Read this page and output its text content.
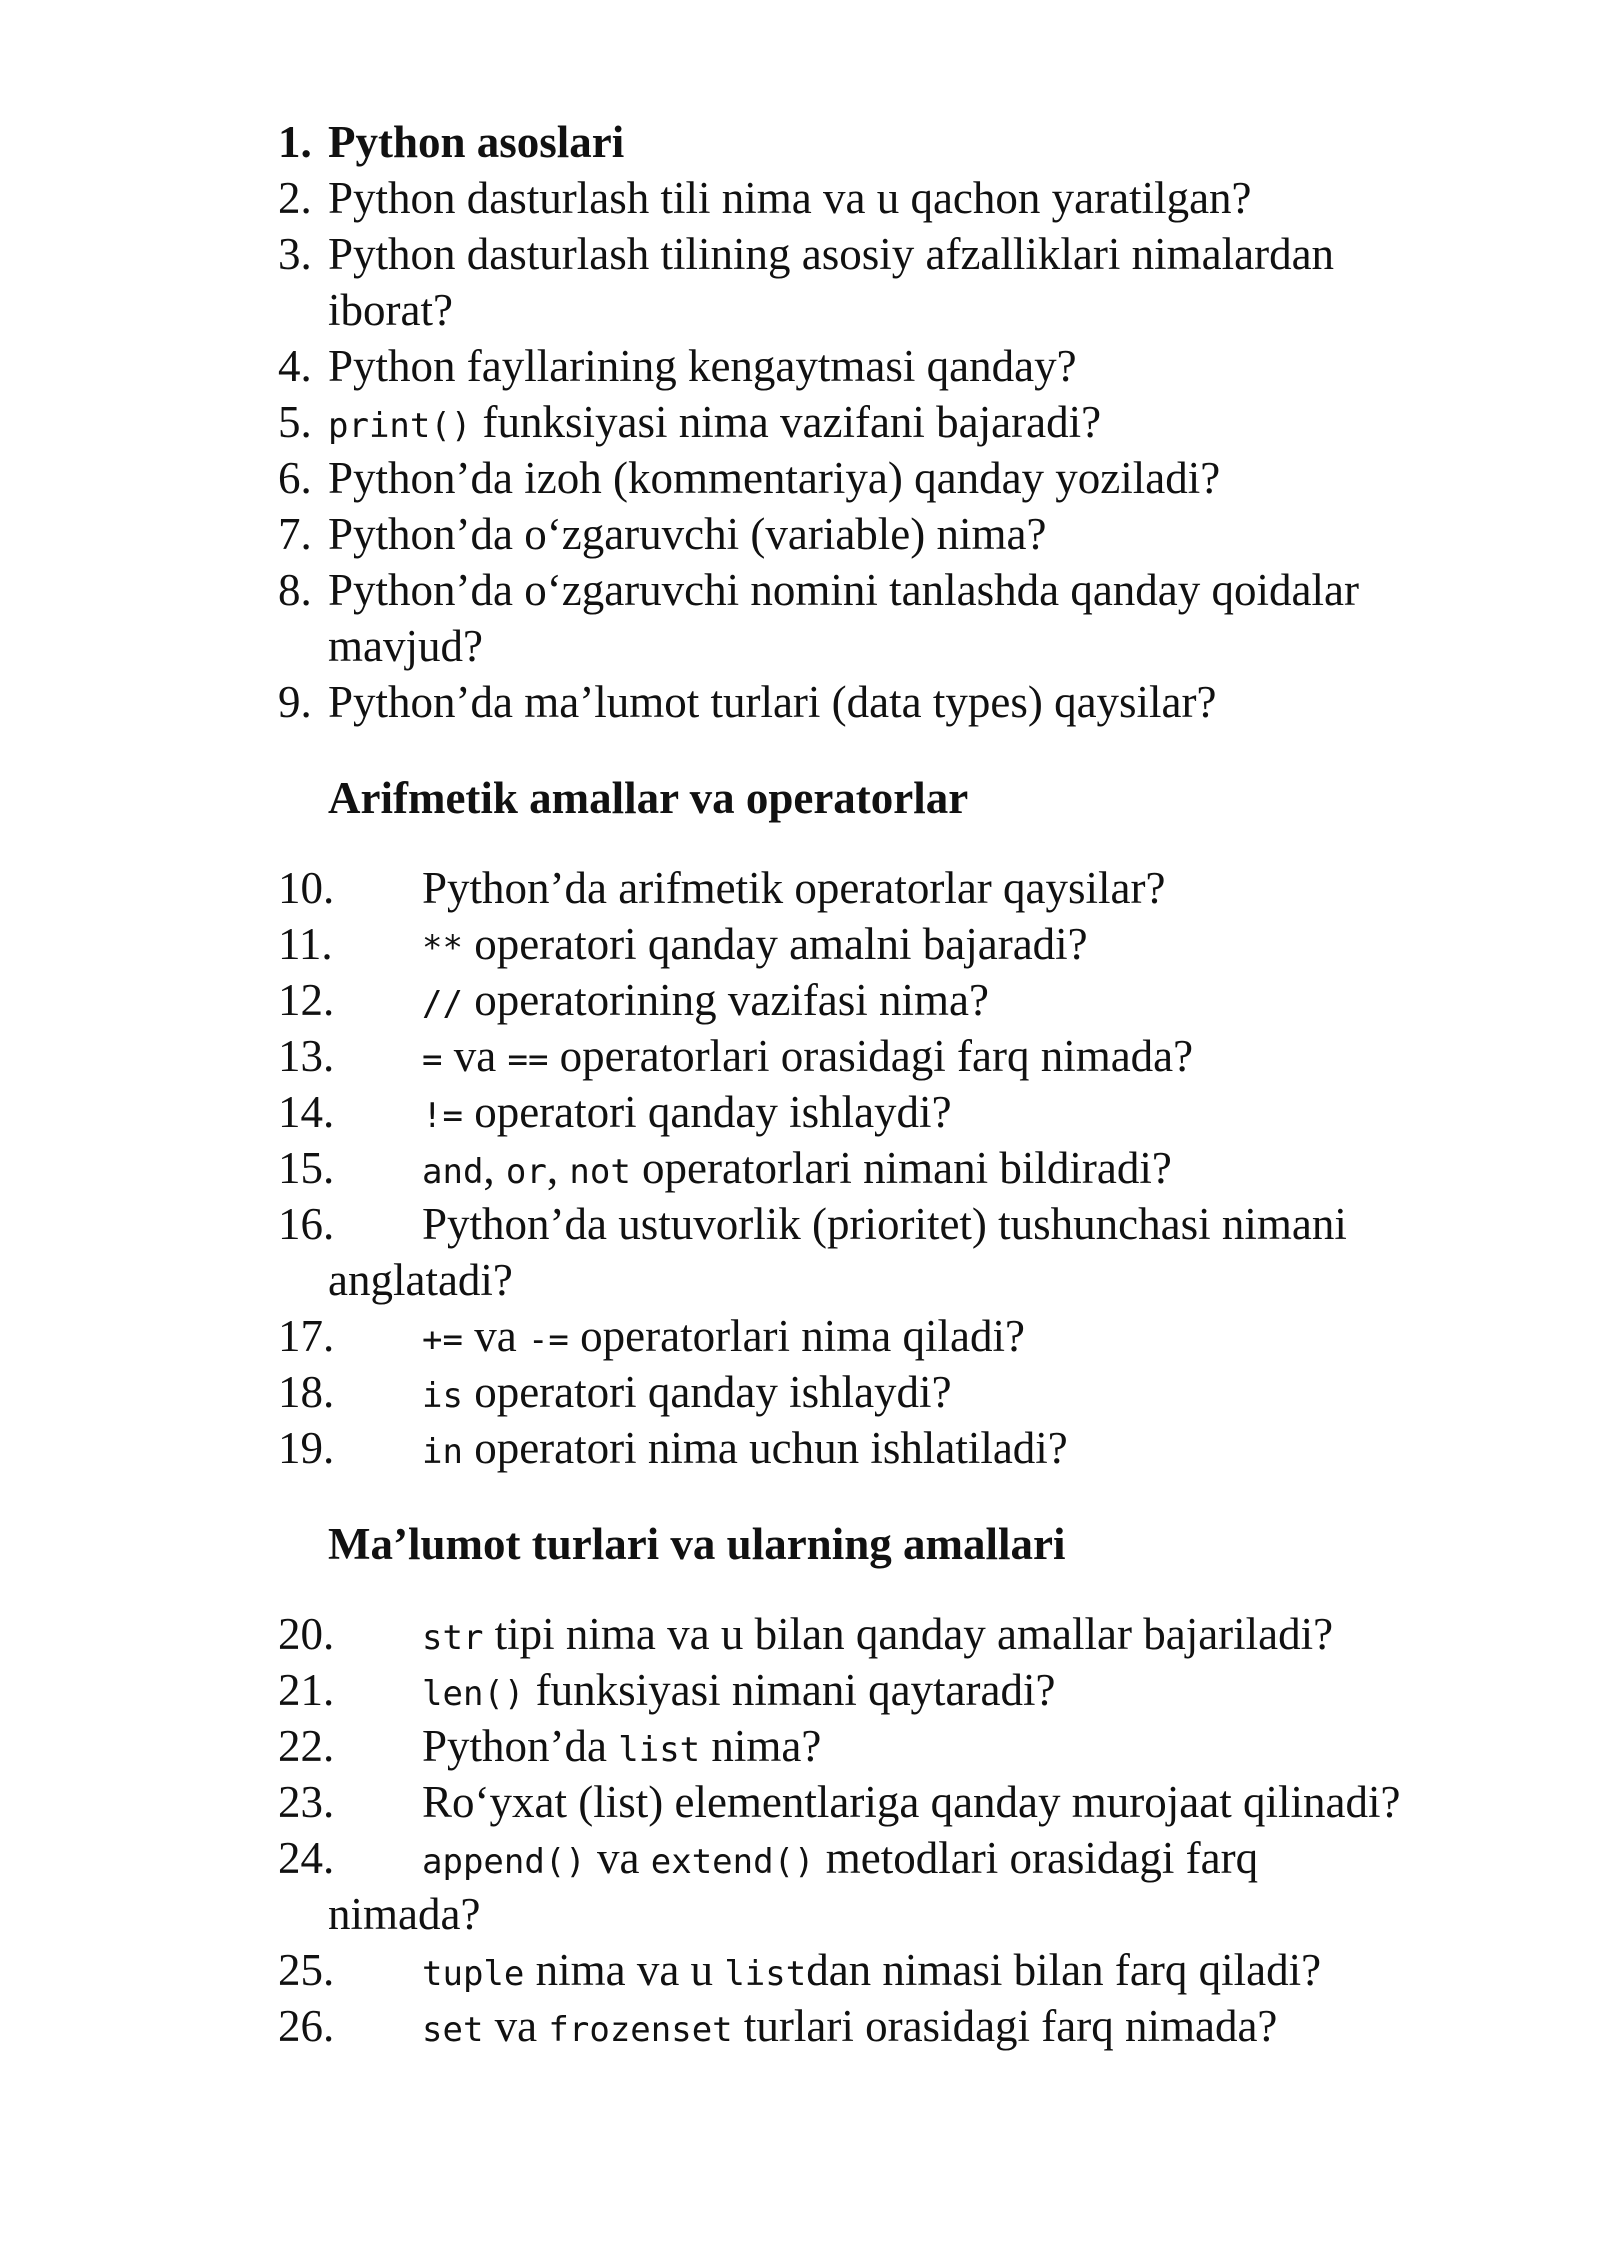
1. Python asoslari
2. Python dasturlash tili nima va u qachon yaratilgan?
3. Python dasturlash tilining asosiy afzalliklari nimalardan
iborat?
4. Python fayllarining kengaytmasi qanday?
5. print() funksiyasi nima vazifani bajaradi?
6. Python’da izoh (kommentariya) qanday yoziladi?
7. Python’da o‘zgaruvchi (variable) nima?
8. Python’da o‘zgaruvchi nomini tanlashda qanday qoidalar
mavjud?
9. Python’da ma’lumot turlari (data types) qaysilar?
Arifmetik amallar va operatorlar
10. Python’da arifmetik operatorlar qaysilar?
11.	** operatori qanday amalni bajaradi?
12.	// operatorining vazifasi nima?
13.	= va == operatorlari orasidagi farq nimada?
14.	!= operatori qanday ishlaydi?
15.	and, or, not operatorlari nimani bildiradi?
16. Python’da ustuvorlik (prioritet) tushunchasi nimani
anglatadi?
17.	+= va -= operatorlari nima qiladi?
18.	is operatori qanday ishlaydi?
19.	in operatori nima uchun ishlatiladi?
Ma’lumot turlari va ularning amallari
20.	str tipi nima va u bilan qanday amallar bajariladi?
21.	len() funksiyasi nimani qaytaradi?
22. Python’da list nima?
23. Ro‘yxat (list) elementlariga qanday murojaat qilinadi?
24.	append() va extend() metodlari orasidagi farq
nimada?
25.	tuple nima va u listdan nimasi bilan farq qiladi?
26.	set va frozenset turlari orasidagi farq nimada?
